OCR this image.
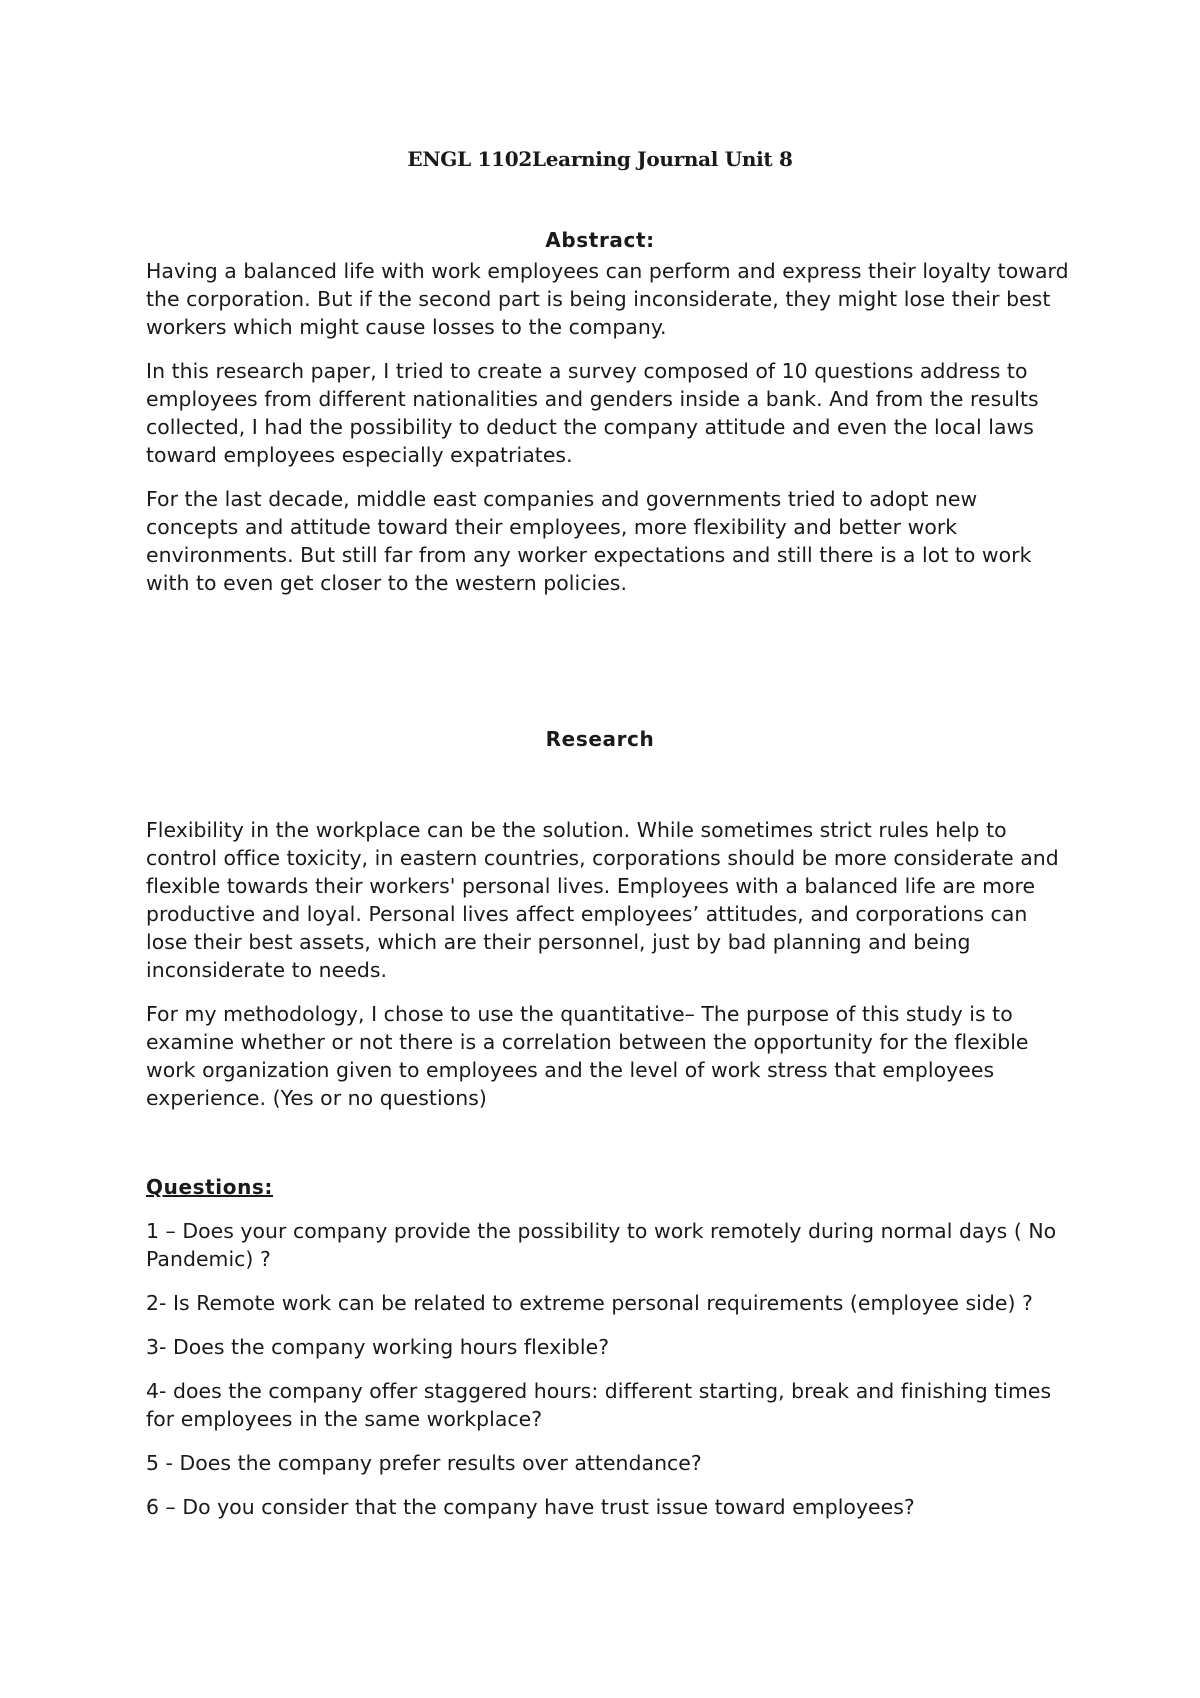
ENGL 1102Learning Journal Unit 8
Abstract:

Having a balanced life with work employees can perform and express their loyalty toward the corporation. But if the second part is being inconsiderate, they might lose their best workers which might cause losses to the company.

In this research paper, I tried to create a survey composed of 10 questions address to employees from different nationalities and genders inside a bank. And from the results collected, I had the possibility to deduct the company attitude and even the local laws toward employees especially expatriates.

For the last decade, middle east companies and governments tried to adopt new concepts and attitude toward their employees, more flexibility and better work environments. But still far from any worker expectations and still there is a lot to work with to even get closer to the western policies.

Research

Flexibility in the workplace can be the solution. While sometimes strict rules help to control office toxicity, in eastern countries, corporations should be more considerate and flexible towards their workers' personal lives. Employees with a balanced life are more productive and loyal. Personal lives affect employees’ attitudes, and corporations can lose their best assets, which are their personnel, just by bad planning and being inconsiderate to needs.

For my methodology, I chose to use the quantitative– The purpose of this study is to examine whether or not there is a correlation between the opportunity for the flexible work organization given to employees and the level of work stress that employees experience. (Yes or no questions)

Questions:

1 – Does your company provide the possibility to work remotely during normal days ( No Pandemic) ?

2- Is Remote work can be related to extreme personal requirements (employee side) ?

3- Does the company working hours flexible?

4- does the company offer staggered hours: different starting, break and finishing times for employees in the same workplace?

5 - Does the company prefer results over attendance?

6 – Do you consider that the company have trust issue toward employees?
